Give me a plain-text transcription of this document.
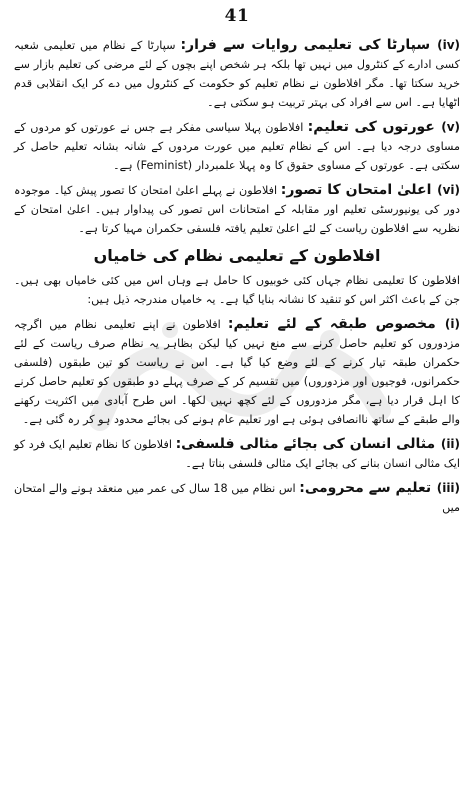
41

(iv) سپارٹا کی تعلیمی روایات سے فرار: سپارٹا کے نظام میں تعلیمی شعبہ کسی ادارے کے کنٹرول میں نہیں تھا بلکہ ہر شخص اپنے بچوں کے لئے مرضی کی تعلیم بازار سے خرید سکتا تھا۔ مگر افلاطون نے نظام تعلیم کو حکومت کے کنٹرول میں دے کر ایک انقلابی قدم اٹھایا ہے۔ اس سے افراد کی بہتر تربیت ہو سکتی ہے۔

(v) عورتوں کی تعلیم: افلاطون پہلا سیاسی مفکر ہے جس نے عورتوں کو مردوں کے مساوی درجہ دیا ہے۔ اس کے نظام تعلیم میں عورت مردوں کے شانہ بشانہ تعلیم حاصل کر سکتی ہے۔ عورتوں کے مساوی حقوق کا وہ پہلا علمبردار (Feminist) ہے۔

(vi) اعلیٰ امتحان کا تصور: افلاطون نے پہلے اعلیٰ امتحان کا تصور پیش کیا۔ موجودہ دور کی یونیورسٹی تعلیم اور مقابلہ کے امتحانات اس تصور کی پیداوار ہیں۔ اعلیٰ امتحان کے نظریہ سے افلاطون ریاست کے لئے اعلیٰ تعلیم یافتہ فلسفی حکمران مہیا کرتا ہے۔

افلاطون کے تعلیمی نظام کی خامیاں

افلاطون کا تعلیمی نظام جہاں کئی خوبیوں کا حامل ہے وہاں اس میں کئی خامیاں بھی ہیں۔ جن کے باعث اکثر اس کو تنقید کا نشانہ بنایا گیا ہے۔ یہ خامیاں مندرجہ ذیل ہیں:

(i) مخصوص طبقہ کے لئے تعلیم: افلاطون نے اپنے تعلیمی نظام میں اگرچہ مزدوروں کو تعلیم حاصل کرنے سے منع نہیں کیا لیکن بظاہر یہ نظام صرف ریاست کے لئے حکمران طبقہ تیار کرنے کے لئے وضع کیا گیا ہے۔ اس نے ریاست کو تین طبقوں (فلسفی حکمرانوں، فوجیوں اور مزدوروں) میں تقسیم کر کے صرف پہلے دو طبقوں کو تعلیم حاصل کرنے کا اہل قرار دیا ہے، مگر مزدوروں کے لئے کچھ نہیں لکھا۔ اس طرح آبادی میں اکثریت رکھنے والے طبقے کے ساتھ ناانصافی ہوئی ہے اور تعلیم عام ہونے کی بجائے محدود ہو کر رہ گئی ہے۔

(ii) مثالی انسان کی بجائے مثالی فلسفی: افلاطون کا نظام تعلیم ایک فرد کو ایک مثالی انسان بنانے کی بجائے ایک مثالی فلسفی بناتا ہے۔

(iii) تعلیم سے محرومی: اس نظام میں 18 سال کی عمر میں منعقد ہونے والے امتحان میں
